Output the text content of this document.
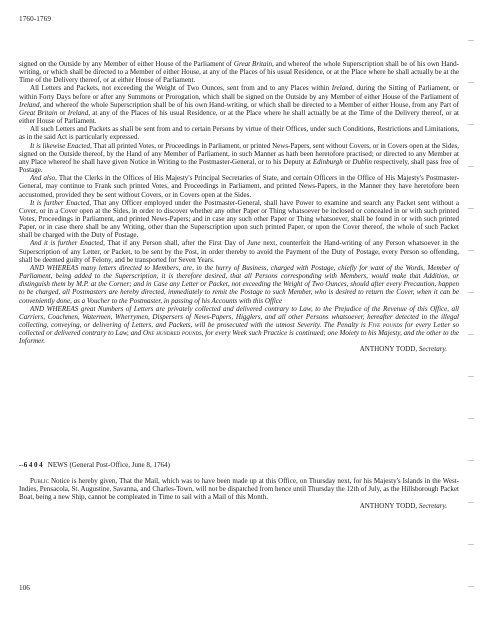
1760-1769

signed on the Outside by any Member of either House of the Parliament of Great Britain, and whereof the whole Superscription shall be of his own Hand-writing, or which shall be directed to a Member of either House, at any of the Places of his usual Residence, or at the Place where he shall actually be at the Time of the Delivery thereof, or at either House of Parliament.

All Letters and Packets, not exceeding the Weight of Two Ounces, sent from and to any Places within Ireland, during the Sitting of Parliament, or within Forty Days before or after any Summons or Prorogation, which shall be signed on the Outside by any Member of either House of the Parliament of Ireland, and whereof the whole Superscription shall be of his own Hand-writing, or which shall be directed to a Member of either House, from any Part of Great Britain or Ireland, at any of the Places of his usual Residence, or at the Place where he shall actually be at the Time of the Delivery thereof, or at either House of Parliament.

All such Letters and Packets as shall be sent from and to certain Persons by virtue of their Offices, under such Conditions, Restrictions and Limitations, as in the said Act is particularly expressed.

It is likewise Enacted, That all printed Votes, or Proceedings in Parliament, or printed News-Papers, sent without Covers, or in Covers open at the Sides, signed on the Outside thereof, by the Hand of any Member of Parliament, in such Manner as hath been heretofore practised; or directed to any Member at any Place whereof he shall have given Notice in Writing to the Postmaster-General, or to his Deputy at Edinburgh or Dublin respectively, shall pass free of Postage.

And also, That the Clerks in the Offices of His Majesty's Principal Secretaries of State, and certain Officers in the Office of His Majesty's Postmaster-General, may continue to Frank such printed Votes, and Proceedings in Parliament, and printed News-Papers, in the Manner they have heretofore been accustomed, provided they be sent without Covers, or in Covers open at the Sides.

It is further Enacted, That any Officer employed under the Postmaster-General, shall have Power to examine and search any Packet sent without a Cover, or in a Cover open at the Sides, in order to discover whether any other Paper or Thing whatsoever be inclosed or concealed in or with such printed Votes, Proceedings in Parliament, and printed News-Papers; and in case any such other Paper or Thing whatsoever, shall be found in or with such printed Paper, or in case there shall be any Writing, other than the Superscription upon such printed Paper, or upon the Cover thereof, the whole of such Packet shall be charged with the Duty of Postage.

And it is further Enacted, That if any Person shall, after the First Day of June next, counterfeit the Hand-writing of any Person whatsoever in the Superscription of any Letter, or Packet, to be sent by the Post, in order thereby to avoid the Payment of the Duty of Postage, every Person so offending, shall be deemed guilty of Felony, and be transported for Seven Years.

AND WHEREAS many letters directed to Members, are, in the hurry of Business, charged with Postage, chiefly for want of the Words, Member of Parliament, being added to the Superscription, it is therefore desired, that all Persons corresponding with Members, would make that Addition, or distinguish them by M.P. at the Corner; and in Case any Letter or Packet, not exceeding the Weight of Two Ounces, should after every Precaution, happen to be charged, all Postmasters are hereby directed, immediately to remit the Postage to such Member, who is desired to return the Cover, when it can be conveniently done, as a Voucher to the Postmaster, in passing of his Accounts with this Office

AND WHEREAS great Numbers of Letters are privately collected and delivered contrary to Law, to the Prejudice of the Revenue of this Office, all Carriers, Coachmen, Watermen, Wherrymen, Dispersers of News-Papers, Higglers, and all other Persons whatsoever, hereafter detected in the illegal collecting, conveying, or delivering of Letters, and Packets, will be prosecuted with the utmost Severity. The Penalty is Five pounds for every Letter so collected or delivered contrary to Law, and One hundred pounds, for every Week such Practice is continued; one Moiety to his Majesty, and the other to the Informer.

ANTHONY TODD, Secretary.
--6404 NEWS (General Post-Office, June 8, 1764)

Public Notice is hereby given, That the Mail, which was to have been made up at this Office, on Thursday next, for his Majesty's Islands in the West-Indies, Pensacola, St. Augustine, Savanna, and Charles-Town, will not be dispatched from hence until Thursday the 12th of July, as the Hillsborough Packet Boat, being a new Ship, cannot be compleated in Time to sail with a Mail of this Month.

ANTHONY TODD, Secretary.
106
